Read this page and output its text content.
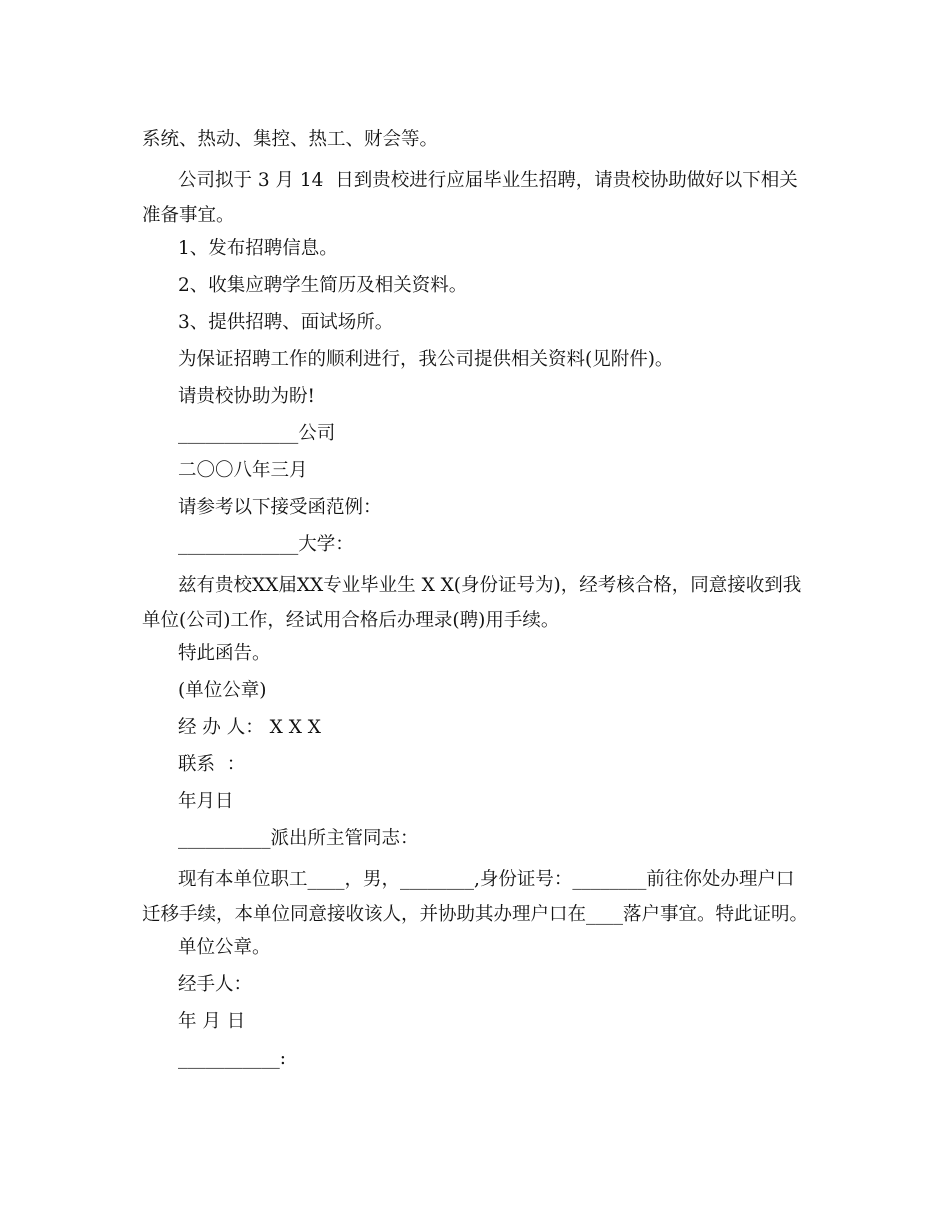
系统、热动、集控、热工、财会等。

公司拟于 3 月 14  日到贵校进行应届毕业生招聘，请贵校协助做好以下相关准备事宜。

1、发布招聘信息。

2、收集应聘学生简历及相关资料。

3、提供招聘、面试场所。

为保证招聘工作的顺利进行，我公司提供相关资料(见附件)。

请贵校协助为盼!

_____________公司

二〇〇八年三月

请参考以下接受函范例：

_____________大学：

兹有贵校XX届XX专业毕业生 X X(身份证号为)，经考核合格，同意接收到我单位(公司)工作，经试用合格后办理录(聘)用手续。

特此函告。

(单位公章)

经 办 人： X X X

联系  ：

年月日

__________派出所主管同志：

现有本单位职工____，男，________,身份证号：________前往你处办理户口迁移手续，本单位同意接收该人，并协助其办理户口在____落户事宜。特此证明。

单位公章。

经手人：

年 月 日

___________:
